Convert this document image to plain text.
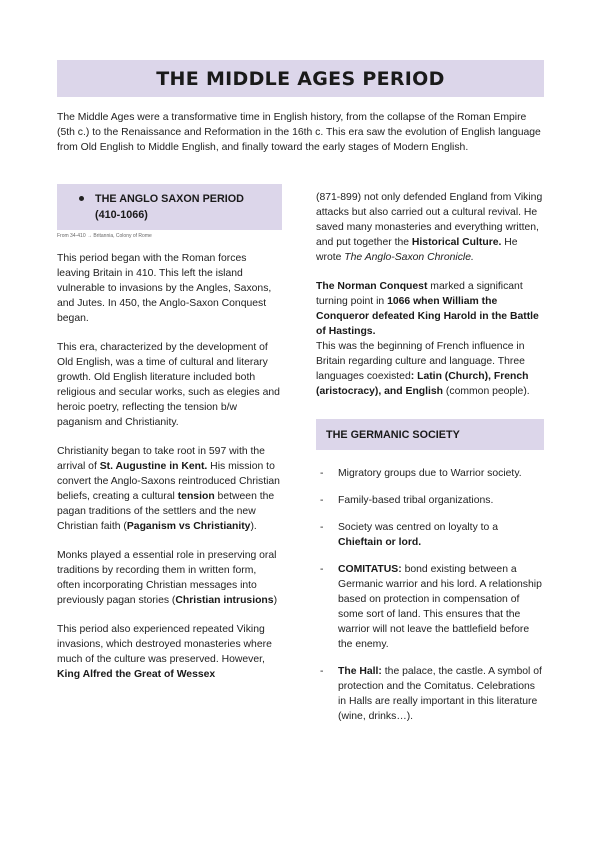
THE MIDDLE AGES PERIOD

The Middle Ages were a transformative time in English history, from the collapse of the Roman Empire (5th c.) to the Renaissance and Reformation in the 16th c. This era saw the evolution of English language from Old English to Middle English, and finally toward the early stages of Modern English.

THE ANGLO SAXON PERIOD
(410-1066)
From 34-410 → Britannia, Colony of Rome

This period began with the Roman forces leaving Britain in 410. This left the island vulnerable to invasions by the Angles, Saxons, and Jutes. In 450, the Anglo-Saxon Conquest began.

This era, characterized by the development of Old English, was a time of cultural and literary growth. Old English literature included both religious and secular works, such as elegies and heroic poetry, reflecting the tension b/w paganism and Christianity.

Christianity began to take root in 597 with the arrival of St. Augustine in Kent. His mission to convert the Anglo-Saxons reintroduced Christian beliefs, creating a cultural tension between the pagan traditions of the settlers and the new Christian faith (Paganism vs Christianity).

Monks played a essential role in preserving oral traditions by recording them in written form, often incorporating Christian messages into previously pagan stories (Christian intrusions)

This period also experienced repeated Viking invasions, which destroyed monasteries where much of the culture was preserved. However, King Alfred the Great of Wessex

(871-899) not only defended England from Viking attacks but also carried out a cultural revival. He saved many monasteries and everything written, and put together the Historical Culture. He wrote The Anglo-Saxon Chronicle.

The Norman Conquest marked a significant turning point in 1066 when William the Conqueror defeated King Harold in the Battle of Hastings.
This was the beginning of French influence in Britain regarding culture and language. Three languages coexisted: Latin (Church), French (aristocracy), and English (common people).

THE GERMANIC SOCIETY
- Migratory groups due to Warrior society.
- Family-based tribal organizations.
- Society was centred on loyalty to a Chieftain or lord.
- COMITATUS: bond existing between a Germanic warrior and his lord. A relationship based on protection in compensation of some sort of land. This ensures that the warrior will not leave the battlefield before the enemy.
- The Hall: the palace, the castle. A symbol of protection and the Comitatus. Celebrations in Halls are really important in this literature (wine, drinks…).
